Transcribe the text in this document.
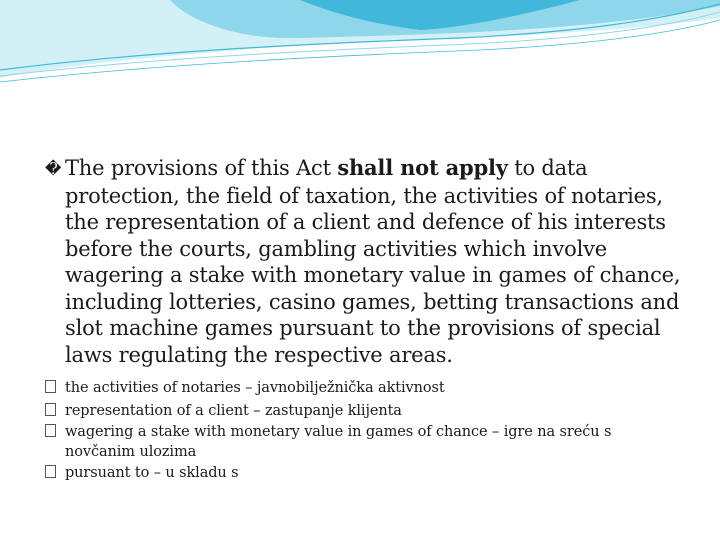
� The provisions of this Act shall not apply to data protection, the field of taxation, the activities of notaries, the representation of a client and defence of his interests before the courts, gambling activities which involve wagering a stake with monetary value in games of chance, including lotteries, casino games, betting transactions and slot machine games pursuant to the provisions of special laws regulating the respective areas.

the activities of notaries – javnobilježnička aktivnost
representation of a client – zastupanje klijenta
wagering a stake with monetary value in games of chance – igre na sreću s novčanim ulozima
pursuant to – u skladu s
